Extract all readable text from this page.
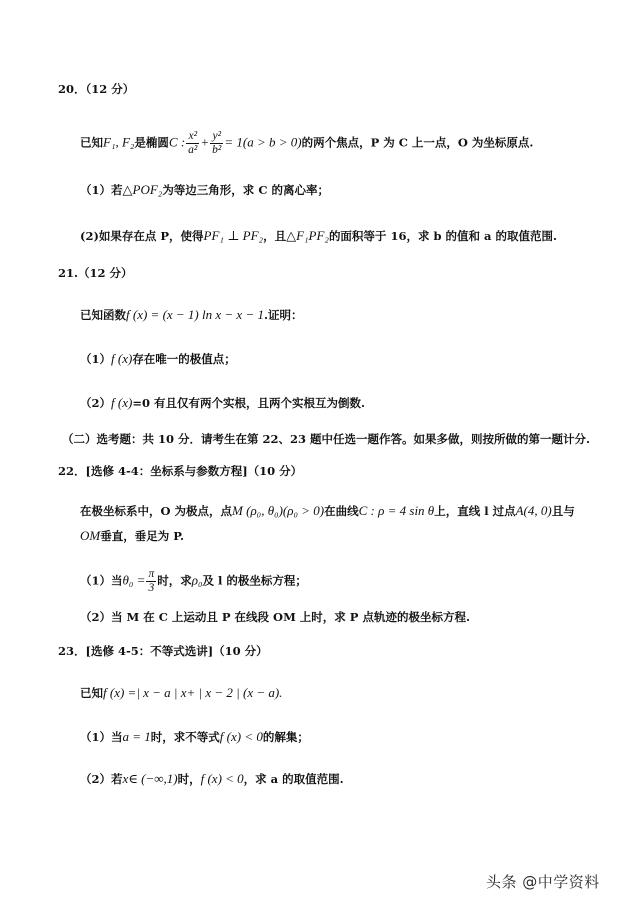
20．（12 分）
已知F₁, F₂是椭圆C : $\frac{\text{x²}}{\text{a²}} + \frac{\text{y²}}{\text{b²}} = 1(a > b > 0)$的两个焦点，P 为 C 上一点，O 为坐标原点.
（1）若△POF₂为等边三角形，求 C 的离心率；
(2)如果存在点 P，使得PF₁ ⊥ PF₂，且△F₁PF₂的面积等于 16，求 b 的值和 a 的取值范围.
21.（12 分）
已知函数f (x) = (x − 1) ln x − x − 1.证明：
（1）f (x)存在唯一的极值点；
（2）f (x)=0 有且仅有两个实根，且两个实根互为倒数.
（二）选考题：共 10 分．请考生在第 22、23 题中任选一题作答。如果多做，则按所做的第一题计分.
22．[选修 4-4：坐标系与参数方程]（10 分）
在极坐标系中，O 为极点，点M (ρ₀, θ₀)(ρ₀ > 0)在曲线C : ρ = 4 sin θ上，直线 l 过点A(4, 0)且与
OM垂直，垂足为 P.
（1）当$\theta_0 = \frac{\pi}{3}$ 时，求ρ₀及 l 的极坐标方程；
（2）当 M 在 C 上运动且 P 在线段 OM 上时，求 P 点轨迹的极坐标方程.
23．[选修 4-5：不等式选讲]（10 分）
已知f (x) =| x − a | x+ | x − 2 | (x − a).
（1）当a = 1时，求不等式f (x) < 0的解集；
（2）若x∈ (−∞,1)时，f (x) < 0，求 a 的取值范围.
头条 @中学资料
